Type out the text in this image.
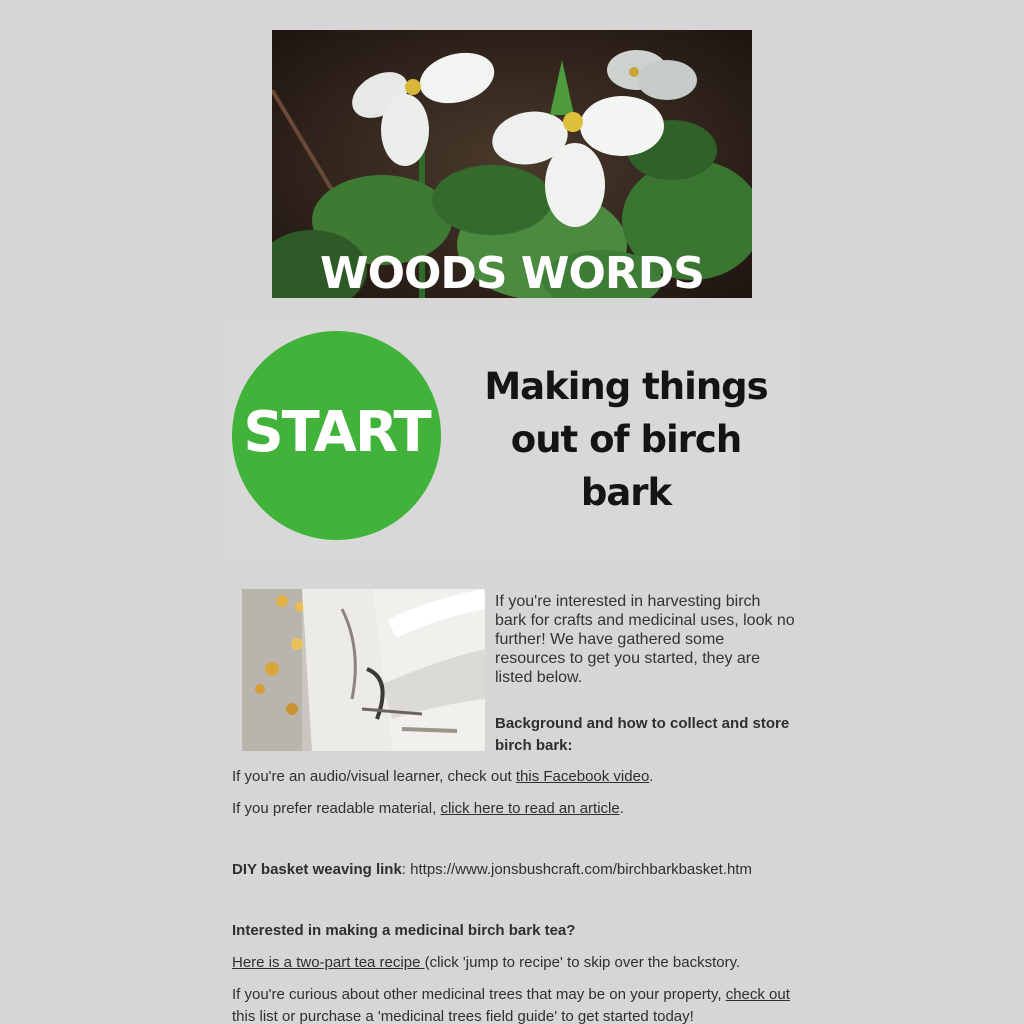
WOODS WORDS
START
Making things
out of birch
bark

If you're interested in harvesting birch bark for crafts and medicinal uses, look no further! We have gathered some resources to get you started, they are listed below.

Background and how to collect and store birch bark:

If you're an audio/visual learner, check out this Facebook video.

If you prefer readable material, click here to read an article.

DIY basket weaving link: https://www.jonsbushcraft.com/birchbarkbasket.htm

Interested in making a medicinal birch bark tea?

Here is a two-part tea recipe (click 'jump to recipe' to skip over the backstory.

If you're curious about other medicinal trees that may be on your property, check out

this list or purchase a 'medicinal trees field guide' to get started today!
